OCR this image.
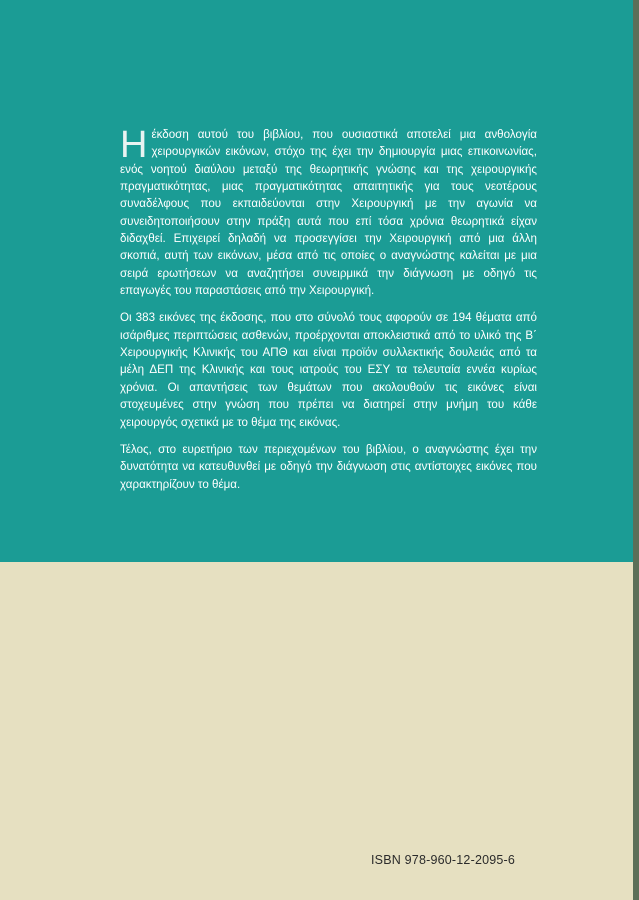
Ηέκδοση αυτού του βιβλίου, που ουσιαστικά αποτελεί μια ανθολογία χειρουργικών εικόνων, στόχο της έχει την δημιουργία μιας επικοινωνίας, ενός νοητού διαύλου μεταξύ της θεωρητικής γνώσης και της χειρουργικής πραγματικότητας, μιας πραγματικότητας απαιτητικής για τους νεοτέρους συναδέλφους που εκπαιδεύονται στην Χειρουργική με την αγωνία να συνειδητοποιήσουν στην πράξη αυτά που επί τόσα χρόνια θεωρητικά είχαν διδαχθεί. Επιχειρεί δηλαδή να προσεγγίσει την Χειρουργική από μια άλλη σκοπιά, αυτή των εικόνων, μέσα από τις οποίες ο αναγνώστης καλείται με μια σειρά ερωτήσεων να αναζητήσει συνειρμικά την διάγνωση με οδηγό τις επαγωγές του παραστάσεις από την Χειρουργική.

Οι 383 εικόνες της έκδοσης, που στο σύνολό τους αφορούν σε 194 θέματα από ισάριθμες περιπτώσεις ασθενών, προέρχονται αποκλειστικά από το υλικό της Β΄ Χειρουργικής Κλινικής του ΑΠΘ και είναι προϊόν συλλεκτικής δουλειάς από τα μέλη ΔΕΠ της Κλινικής και τους ιατρούς του ΕΣΥ τα τελευταία εννέα κυρίως χρόνια. Οι απαντήσεις των θεμάτων που ακολουθούν τις εικόνες είναι στοχευμένες στην γνώση που πρέπει να διατηρεί στην μνήμη του κάθε χειρουργός σχετικά με το θέμα της εικόνας.

Τέλος, στο ευρετήριο των περιεχομένων του βιβλίου, ο αναγνώστης έχει την δυνατότητα να κατευθυνθεί με οδηγό την διάγνωση στις αντίστοιχες εικόνες που χαρακτηρίζουν το θέμα.

ISBN 978-960-12-2095-6
